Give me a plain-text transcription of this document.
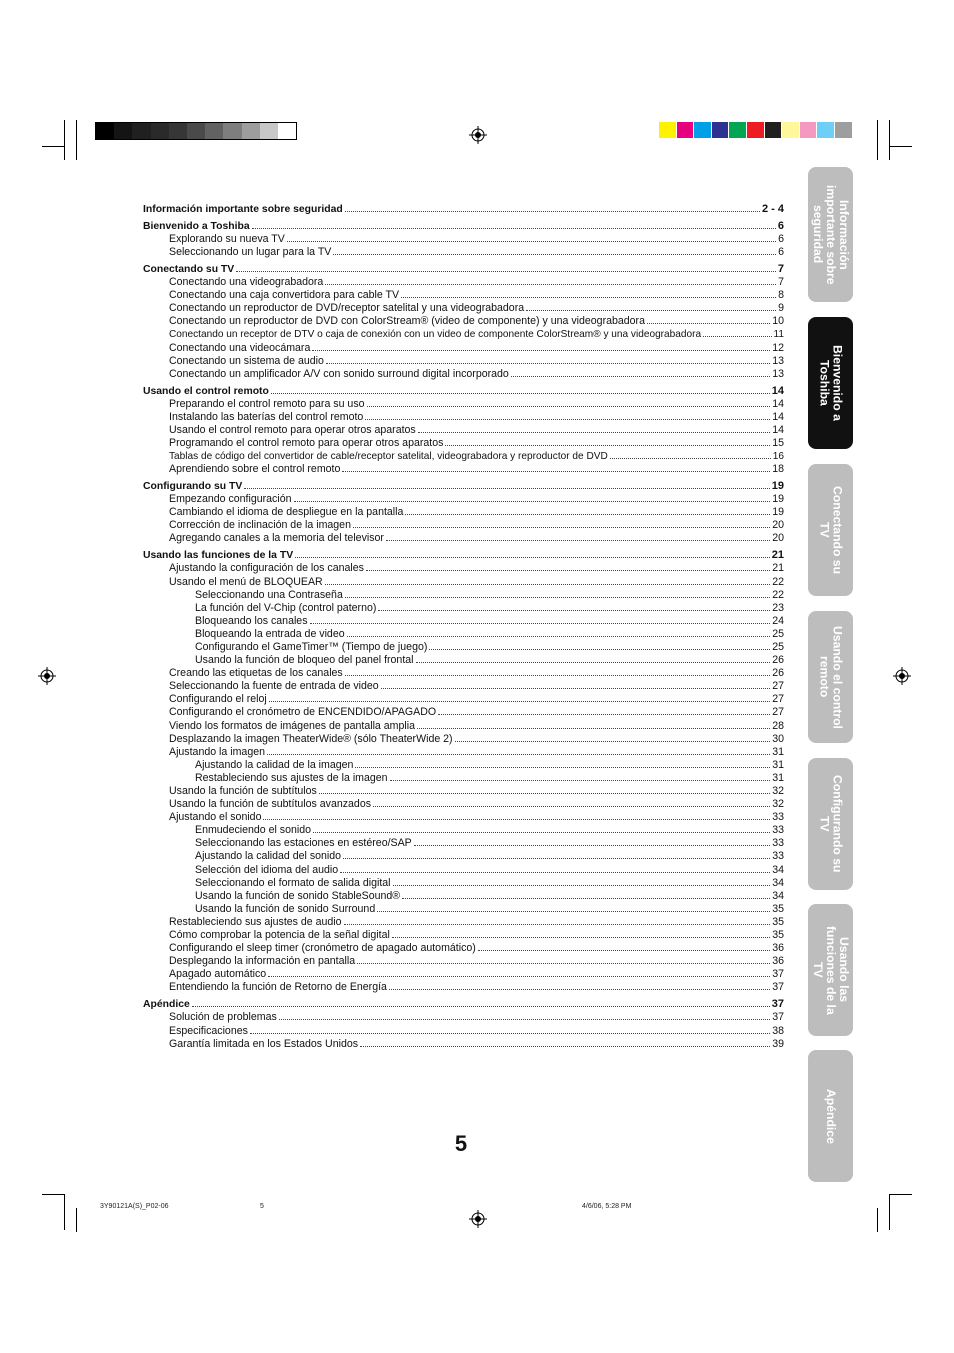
Información importante sobre seguridad	2 - 4
Bienvenido a Toshiba	6
Explorando su nueva TV	6
Seleccionando un lugar para la TV	6
Conectando su TV	7
Conectando una videograbadora	7
Conectando una caja convertidora para cable TV	8
Conectando un reproductor de DVD/receptor satelital y una videograbadora	9
Conectando un reproductor de DVD con ColorStream® (video de componente) y una videograbadora	10
Conectando un receptor de DTV o caja de conexión con un video de componente ColorStream® y una videograbadora	11
Conectando una videocámara	12
Conectando un sistema de audio	13
Conectando un amplificador A/V con sonido surround digital incorporado	13
Usando el control remoto	14
Preparando el control remoto para su uso	14
Instalando las baterías del control remoto	14
Usando el control remoto para operar otros aparatos	14
Programando el control remoto para operar otros aparatos	15
Tablas de código del convertidor de cable/receptor satelital, videograbadora y reproductor de DVD	16
Aprendiendo sobre el control remoto	18
Configurando su TV	19
Empezando configuración	19
Cambiando el idioma de despliegue en la pantalla	19
Corrección de inclinación de la imagen	20
Agregando canales a la memoria del televisor	20
Usando las funciones de la TV	21
Ajustando la configuración de los canales	21
Usando el menú de BLOQUEAR	22
Seleccionando una Contraseña	22
La función del V-Chip (control paterno)	23
Bloqueando los canales	24
Bloqueando la entrada de video	25
Configurando el GameTimer™ (Tiempo de juego)	25
Usando la función de bloqueo del panel frontal	26
Creando las etiquetas de los canales	26
Seleccionando la fuente de entrada de video	27
Configurando el reloj	27
Configurando el cronómetro de ENCENDIDO/APAGADO	27
Viendo los formatos de imágenes de pantalla amplia	28
Desplazando la imagen TheaterWide® (sólo TheaterWide 2)	30
Ajustando la imagen	31
Ajustando la calidad de la imagen	31
Restableciendo sus ajustes de la imagen	31
Usando la función de subtítulos	32
Usando la función de subtítulos avanzados	32
Ajustando el sonido	33
Enmudeciendo el sonido	33
Seleccionando las estaciones en estéreo/SAP	33
Ajustando la calidad del sonido	33
Selección del idioma del audio	34
Seleccionando el formato de salida digital	34
Usando la función de sonido StableSound®	34
Usando la función de sonido Surround	35
Restableciendo sus ajustes de audio	35
Cómo comprobar la potencia de la señal digital	35
Configurando el sleep timer (cronómetro de apagado automático)	36
Desplegando la información en pantalla	36
Apagado automático	37
Entendiendo la función de Retorno de Energía	37
Apéndice	37
Solución de problemas	37
Especificaciones	38
Garantía limitada en los Estados Unidos	39
5
Información
importante sobre
seguridad
Bienvenido a
Toshiba
Conectando su
TV
Usando el control
remoto
Configurando su
TV
Usando las
funciones de la
TV
Apéndice
3Y90121A(S)_P02-06	5	4/6/06, 5:28 PM
